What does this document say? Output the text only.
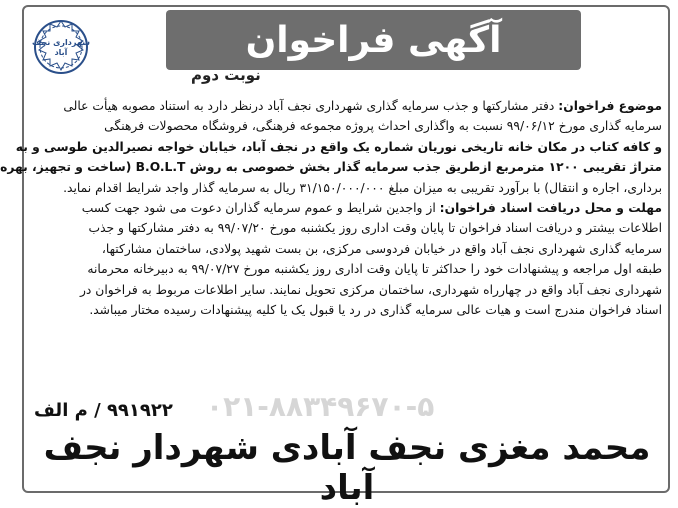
آگهی فراخوان
شهرداری نجف آباد
نوبت دوم
موضوع فراخوان: دفتر مشارکتها و جذب سرمایه گذاری شهرداری نجف آباد درنظر دارد به استناد مصوبه هیأت عالی
سرمایه گذاری مورخ ۹۹/۰۶/۱۲ نسبت به واگذاری احداث پروژه مجموعه فرهنگی، فروشگاه محصولات فرهنگی
و کافه کتاب در مکان خانه تاریخی نوریان شماره یک واقع در نجف آباد، خیابان خواجه نصیرالدین طوسی و به
متراژ تقریبی ۱۲۰۰ مترمربع ازطریق جذب سرمایه گذار بخش خصوصی به روش B.O.L.T (ساخت و تجهیز، بهره
برداری، اجاره و انتقال) با برآورد تقریبی به میزان مبلغ ۳۱/۱۵۰/۰۰۰/۰۰۰ ریال به سرمایه گذار واجد شرایط اقدام نماید.
مهلت و محل دریافت اسناد فراخوان: از واجدین شرایط و عموم سرمایه گذاران دعوت می شود جهت کسب
اطلاعات بیشتر و دریافت اسناد فراخوان تا پایان وقت اداری روز یکشنبه مورخ ۹۹/۰۷/۲۰ به دفتر مشارکتها و جذب
سرمایه گذاری شهرداری نجف آباد واقع در خیابان فردوسی مرکزی، بن بست شهید پولادی، ساختمان مشارکتها،
طبقه اول مراجعه و پیشنهادات خود را حداکثر تا پایان وقت اداری روز یکشنبه مورخ ۹۹/۰۷/۲۷ به دبیرخانه محرمانه
شهرداری نجف آباد واقع در چهارراه شهرداری، ساختمان مرکزی تحویل نمایند. سایر اطلاعات مربوط به فراخوان در
اسناد فراخوان مندرج است و هیات عالی سرمایه گذاری در رد یا قبول یک یا کلیه پیشنهادات رسیده مختار میباشد.
۰۲۱-۸۸۳۴۹۶۷۰-۵
۹۹۱۹۲۲ / م الف
محمد مغزی نجف آبادی شهردار نجف آباد
